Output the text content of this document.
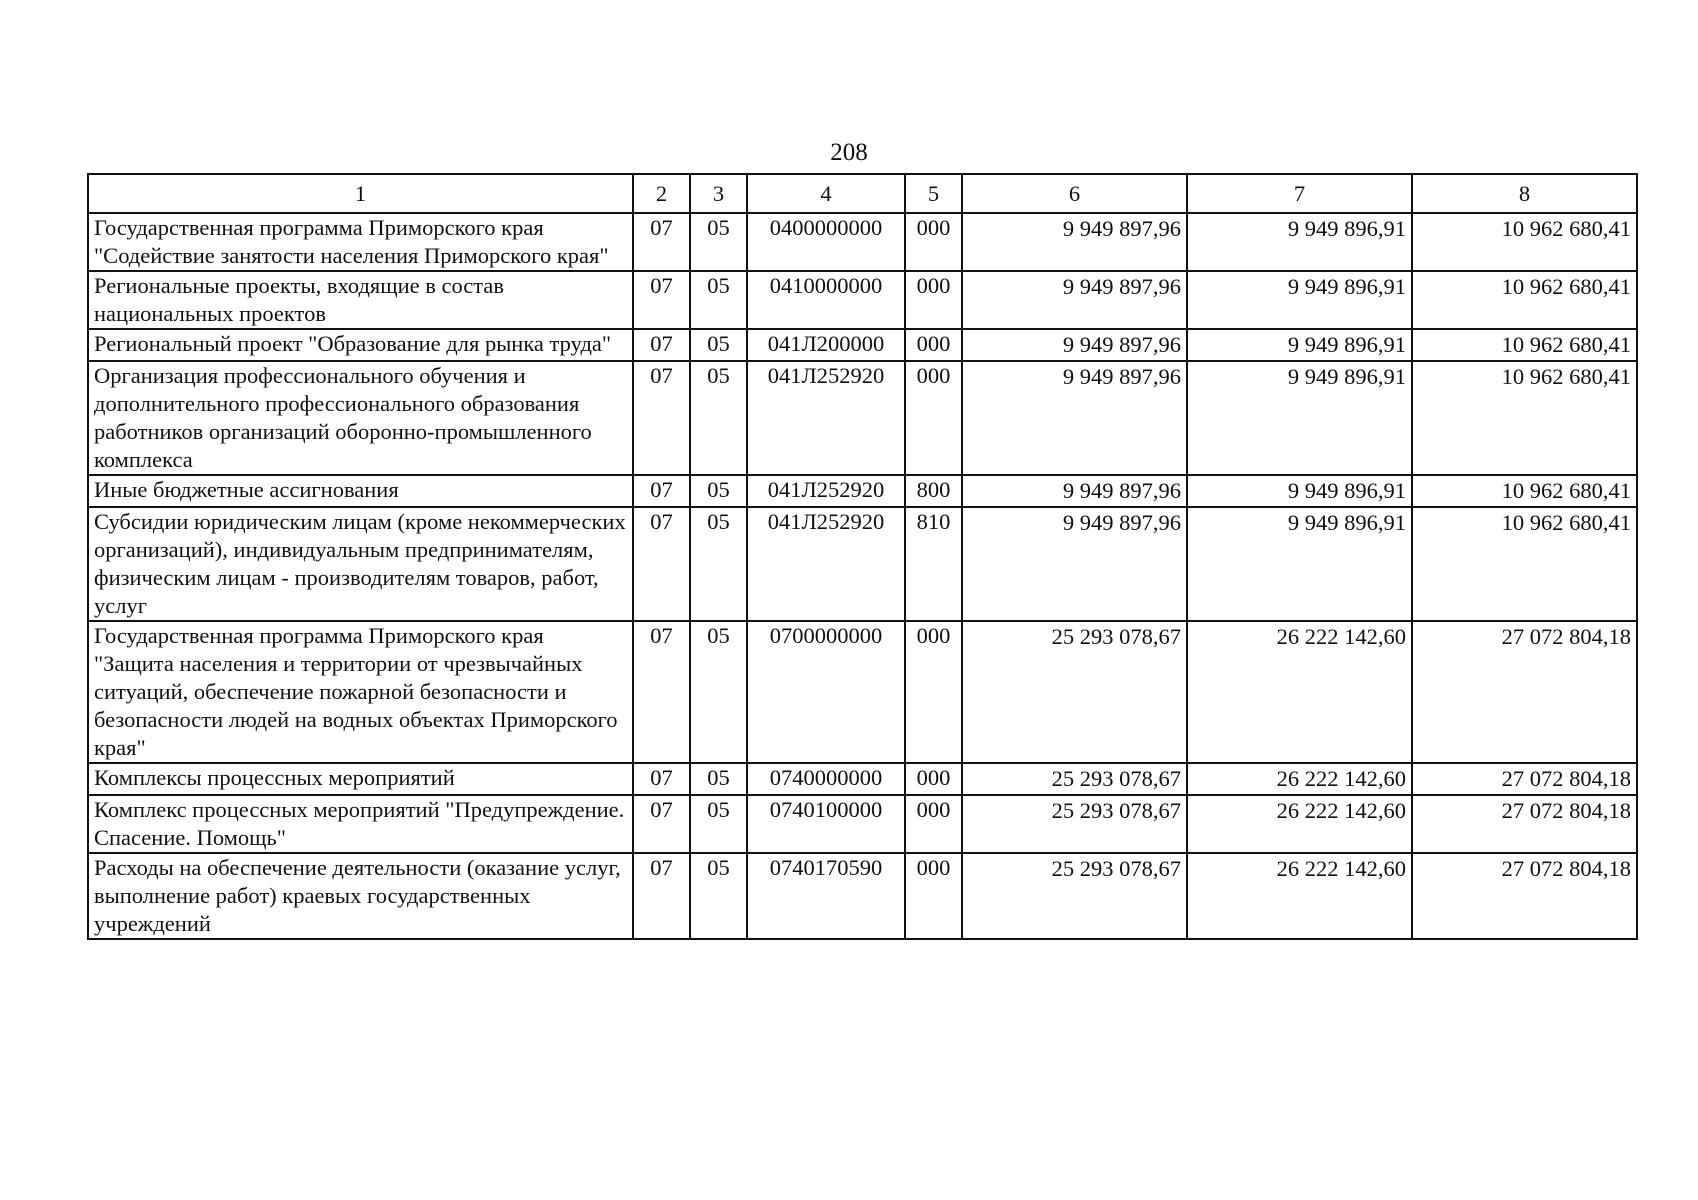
208
1	2	3	4	5	6	7	8
Государственная программа Приморского края "Содействие занятости населения Приморского края"	07	05	0400000000	000	9 949 897,96	9 949 896,91	10 962 680,41

Региональные проекты, входящие в состав национальных проектов	07	05	0410000000	000	9 949 897,96	9 949 896,91	10 962 680,41

Региональный проект "Образование для рынка труда"	07	05	041Л200000	000	9 949 897,96	9 949 896,91	10 962 680,41

Организация профессионального обучения и дополнительного профессионального образования работников организаций оборонно-промышленного комплекса	07	05	041Л252920	000	9 949 897,96	9 949 896,91	10 962 680,41

Иные бюджетные ассигнования	07	05	041Л252920	800	9 949 897,96	9 949 896,91	10 962 680,41

Субсидии юридическим лицам (кроме некоммерческих организаций), индивидуальным предпринимателям, физическим лицам - производителям товаров, работ, услуг	07	05	041Л252920	810	9 949 897,96	9 949 896,91	10 962 680,41

Государственная программа Приморского края "Защита населения и территории от чрезвычайных ситуаций, обеспечение пожарной безопасности и безопасности людей на водных объектах Приморского края"	07	05	0700000000	000	25 293 078,67	26 222 142,60	27 072 804,18

Комплексы процессных мероприятий	07	05	0740000000	000	25 293 078,67	26 222 142,60	27 072 804,18

Комплекс процессных мероприятий "Предупреждение. Спасение. Помощь"	07	05	0740100000	000	25 293 078,67	26 222 142,60	27 072 804,18

Расходы на обеспечение деятельности (оказание услуг, выполнение работ) краевых государственных учреждений	07	05	0740170590	000	25 293 078,67	26 222 142,60	27 072 804,18
